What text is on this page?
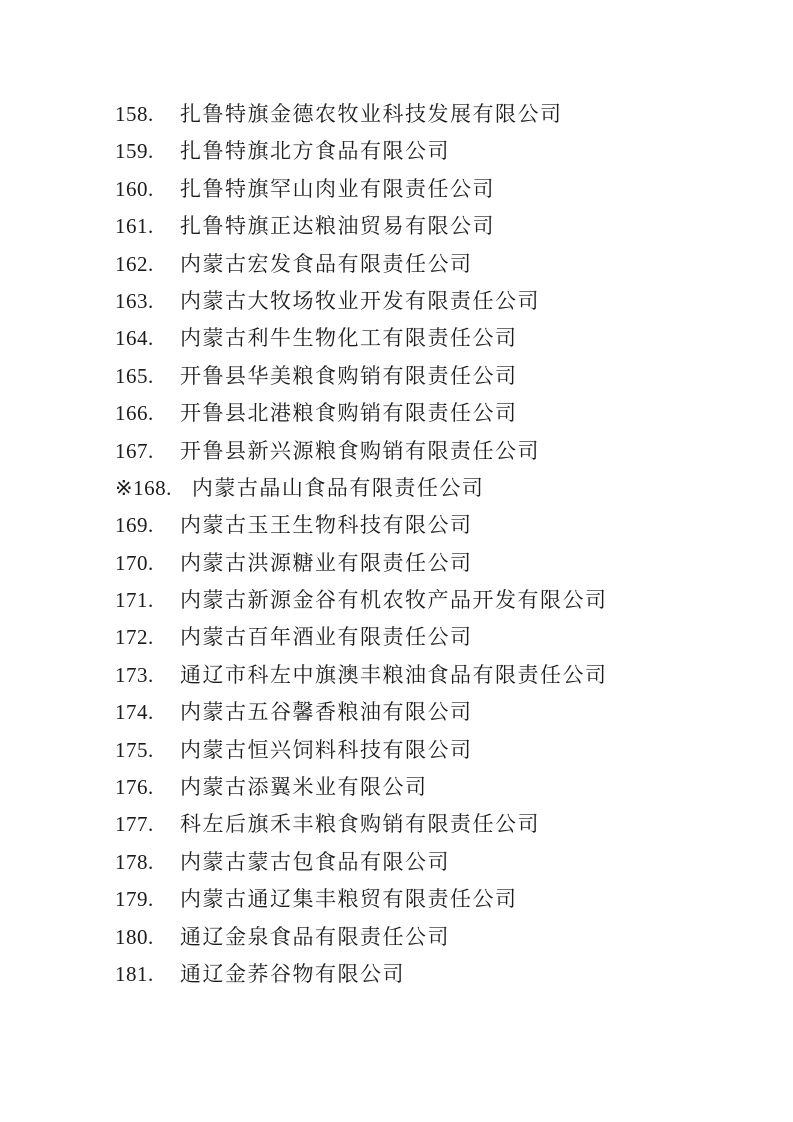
158. 扎鲁特旗金德农牧业科技发展有限公司
159. 扎鲁特旗北方食品有限公司
160. 扎鲁特旗罕山肉业有限责任公司
161. 扎鲁特旗正达粮油贸易有限公司
162. 内蒙古宏发食品有限责任公司
163. 内蒙古大牧场牧业开发有限责任公司
164. 内蒙古利牛生物化工有限责任公司
165. 开鲁县华美粮食购销有限责任公司
166. 开鲁县北港粮食购销有限责任公司
167. 开鲁县新兴源粮食购销有限责任公司
※168. 内蒙古晶山食品有限责任公司
169. 内蒙古玉王生物科技有限公司
170. 内蒙古洪源糖业有限责任公司
171. 内蒙古新源金谷有机农牧产品开发有限公司
172. 内蒙古百年酒业有限责任公司
173. 通辽市科左中旗澳丰粮油食品有限责任公司
174. 内蒙古五谷馨香粮油有限公司
175. 内蒙古恒兴饲料科技有限公司
176. 内蒙古添翼米业有限公司
177. 科左后旗禾丰粮食购销有限责任公司
178. 内蒙古蒙古包食品有限公司
179. 内蒙古通辽集丰粮贸有限责任公司
180. 通辽金泉食品有限责任公司
181. 通辽金荞谷物有限公司
